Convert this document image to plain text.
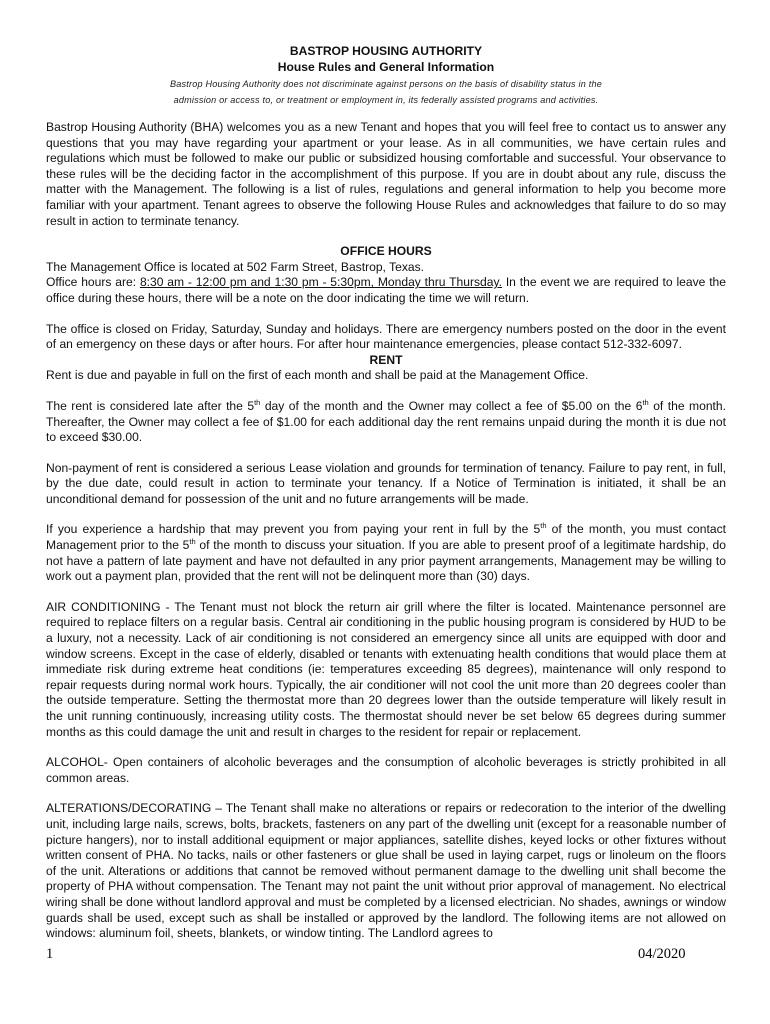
BASTROP HOUSING AUTHORITY
House Rules and General Information
Bastrop Housing Authority does not discriminate against persons on the basis of disability status in the
admission or access to, or treatment or employment in, its federally assisted programs and activities.

Bastrop Housing Authority (BHA) welcomes you as a new Tenant and hopes that you will feel free to contact us to answer any questions that you may have regarding your apartment or your lease. As in all communities, we have certain rules and regulations which must be followed to make our public or subsidized housing comfortable and successful. Your observance to these rules will be the deciding factor in the accomplishment of this purpose. If you are in doubt about any rule, discuss the matter with the Management. The following is a list of rules, regulations and general information to help you become more familiar with your apartment. Tenant agrees to observe the following House Rules and acknowledges that failure to do so may result in action to terminate tenancy.

OFFICE HOURS

The Management Office is located at 502 Farm Street, Bastrop, Texas.

Office hours are: 8:30 am - 12:00 pm and 1:30 pm - 5:30pm, Monday thru Thursday. In the event we are required to leave the office during these hours, there will be a note on the door indicating the time we will return.

The office is closed on Friday, Saturday, Sunday and holidays. There are emergency numbers posted on the door in the event of an emergency on these days or after hours. For after hour maintenance emergencies, please contact 512-332-6097.

RENT

Rent is due and payable in full on the first of each month and shall be paid at the Management Office.

The rent is considered late after the 5th day of the month and the Owner may collect a fee of $5.00 on the 6th of the month. Thereafter, the Owner may collect a fee of $1.00 for each additional day the rent remains unpaid during the month it is due not to exceed $30.00.

Non-payment of rent is considered a serious Lease violation and grounds for termination of tenancy. Failure to pay rent, in full, by the due date, could result in action to terminate your tenancy. If a Notice of Termination is initiated, it shall be an unconditional demand for possession of the unit and no future arrangements will be made.

If you experience a hardship that may prevent you from paying your rent in full by the 5th of the month, you must contact Management prior to the 5th of the month to discuss your situation. If you are able to present proof of a legitimate hardship, do not have a pattern of late payment and have not defaulted in any prior payment arrangements, Management may be willing to work out a payment plan, provided that the rent will not be delinquent more than (30) days.

AIR CONDITIONING - The Tenant must not block the return air grill where the filter is located. Maintenance personnel are required to replace filters on a regular basis. Central air conditioning in the public housing program is considered by HUD to be a luxury, not a necessity. Lack of air conditioning is not considered an emergency since all units are equipped with door and window screens. Except in the case of elderly, disabled or tenants with extenuating health conditions that would place them at immediate risk during extreme heat conditions (ie: temperatures exceeding 85 degrees), maintenance will only respond to repair requests during normal work hours. Typically, the air conditioner will not cool the unit more than 20 degrees cooler than the outside temperature. Setting the thermostat more than 20 degrees lower than the outside temperature will likely result in the unit running continuously, increasing utility costs. The thermostat should never be set below 65 degrees during summer months as this could damage the unit and result in charges to the resident for repair or replacement.

ALCOHOL- Open containers of alcoholic beverages and the consumption of alcoholic beverages is strictly prohibited in all common areas.

ALTERATIONS/DECORATING – The Tenant shall make no alterations or repairs or redecoration to the interior of the dwelling unit, including large nails, screws, bolts, brackets, fasteners on any part of the dwelling unit (except for a reasonable number of picture hangers), nor to install additional equipment or major appliances, satellite dishes, keyed locks or other fixtures without written consent of PHA. No tacks, nails or other fasteners or glue shall be used in laying carpet, rugs or linoleum on the floors of the unit. Alterations or additions that cannot be removed without permanent damage to the dwelling unit shall become the property of PHA without compensation. The Tenant may not paint the unit without prior approval of management. No electrical wiring shall be done without landlord approval and must be completed by a licensed electrician. No shades, awnings or window guards shall be used, except such as shall be installed or approved by the landlord. The following items are not allowed on windows: aluminum foil, sheets, blankets, or window tinting. The Landlord agrees to

1	04/2020
